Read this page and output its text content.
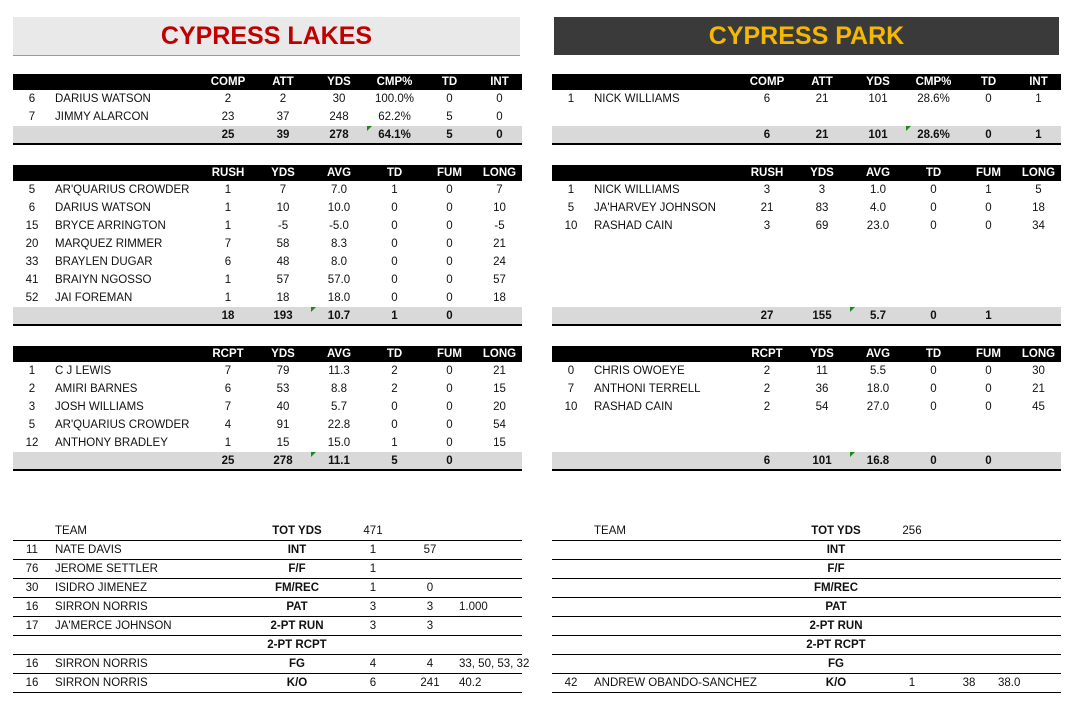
CYPRESS LAKES
		COMP	ATT	YDS	CMP%	TD	INT
6	DARIUS WATSON	2	2	30	100.0%	0	0
7	JIMMY ALARCON	23	37	248	62.2%	5	0
		25	39	278	64.1%	5	0
		RUSH	YDS	AVG	TD	FUM	LONG
5	AR'QUARIUS CROWDER	1	7	7.0	1	0	7
6	DARIUS WATSON	1	10	10.0	0	0	10
15	BRYCE ARRINGTON	1	-5	-5.0	0	0	-5
20	MARQUEZ RIMMER	7	58	8.3	0	0	21
33	BRAYLEN DUGAR	6	48	8.0	0	0	24
41	BRAIYN NGOSSO	1	57	57.0	0	0	57
52	JAI FOREMAN	1	18	18.0	0	0	18
		18	193	10.7	1	0	
		RCPT	YDS	AVG	TD	FUM	LONG
1	C J LEWIS	7	79	11.3	2	0	21
2	AMIRI BARNES	6	53	8.8	2	0	15
3	JOSH WILLIAMS	7	40	5.7	0	0	20
5	AR'QUARIUS CROWDER	4	91	22.8	0	0	54
12	ANTHONY BRADLEY	1	15	15.0	1	0	15
		25	278	11.1	5	0	
	TEAM	TOT YDS	471		
11	NATE DAVIS	INT	1	57	
76	JEROME SETTLER	F/F	1		
30	ISIDRO JIMENEZ	FM/REC	1	0	
16	SIRRON NORRIS	PAT	3	3	1.000
17	JA'MERCE JOHNSON	2-PT RUN	3	3	
		2-PT RCPT			
16	SIRRON NORRIS	FG	4	4	33, 50, 53, 32
16	SIRRON NORRIS	K/O	6	241	40.2
CYPRESS PARK
		COMP	ATT	YDS	CMP%	TD	INT
1	NICK WILLIAMS	6	21	101	28.6%	0	1

		6	21	101	28.6%	0	1
		RUSH	YDS	AVG	TD	FUM	LONG
1	NICK WILLIAMS	3	3	1.0	0	1	5
5	JA'HARVEY JOHNSON	21	83	4.0	0	0	18
10	RASHAD CAIN	3	69	23.0	0	0	34

		27	155	5.7	0	1	
		RCPT	YDS	AVG	TD	FUM	LONG
0	CHRIS OWOEYE	2	11	5.5	0	0	30
7	ANTHONI TERRELL	2	36	18.0	0	0	21
10	RASHAD CAIN	2	54	27.0	0	0	45

		6	101	16.8	0	0	
	TEAM	TOT YDS	256		
		INT			
		F/F			
		FM/REC			
		PAT			
		2-PT RUN			
		2-PT RCPT			
		FG			
42	ANDREW OBANDO-SANCHEZ	K/O	1	38	38.0
